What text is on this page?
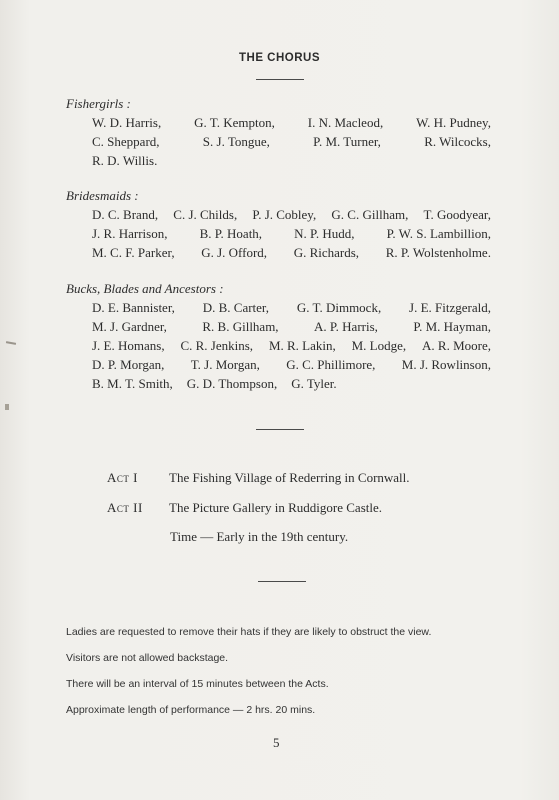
THE CHORUS
Fishergirls :
W. D. Harris,	G. T. Kempton,	I. N. Macleod,	W. H. Pudney,
C. Sheppard,	S. J. Tongue,	P. M. Turner,	R. Wilcocks,
R. D. Willis.
Bridesmaids :
D. C. Brand, C. J. Childs, P. J. Cobley, G. C. Gillham, T. Goodyear,
J. R. Harrison, B. P. Hoath, N. P. Hudd, P. W. S. Lambillion,
M. C. F. Parker, G. J. Offord, G. Richards, R. P. Wolstenholme.
Bucks, Blades and Ancestors :
D. E. Bannister, D. B. Carter, G. T. Dimmock, J. E. Fitzgerald,
M. J. Gardner,	R. B. Gillham,	A. P. Harris,	P. M. Hayman,
J. E. Homans, C. R. Jenkins, M. R. Lakin, M. Lodge, A. R. Moore,
D. P. Morgan, T. J. Morgan, G. C. Phillimore, M. J. Rowlinson,
B. M. T. Smith, G. D. Thompson, G. Tyler.
Act I The Fishing Village of Rederring in Cornwall.
Act II The Picture Gallery in Ruddigore Castle.
Time — Early in the 19th century.
Ladies are requested to remove their hats if they are likely to obstruct the view.
Visitors are not allowed backstage.
There will be an interval of 15 minutes between the Acts.
Approximate length of performance — 2 hrs. 20 mins.
5
